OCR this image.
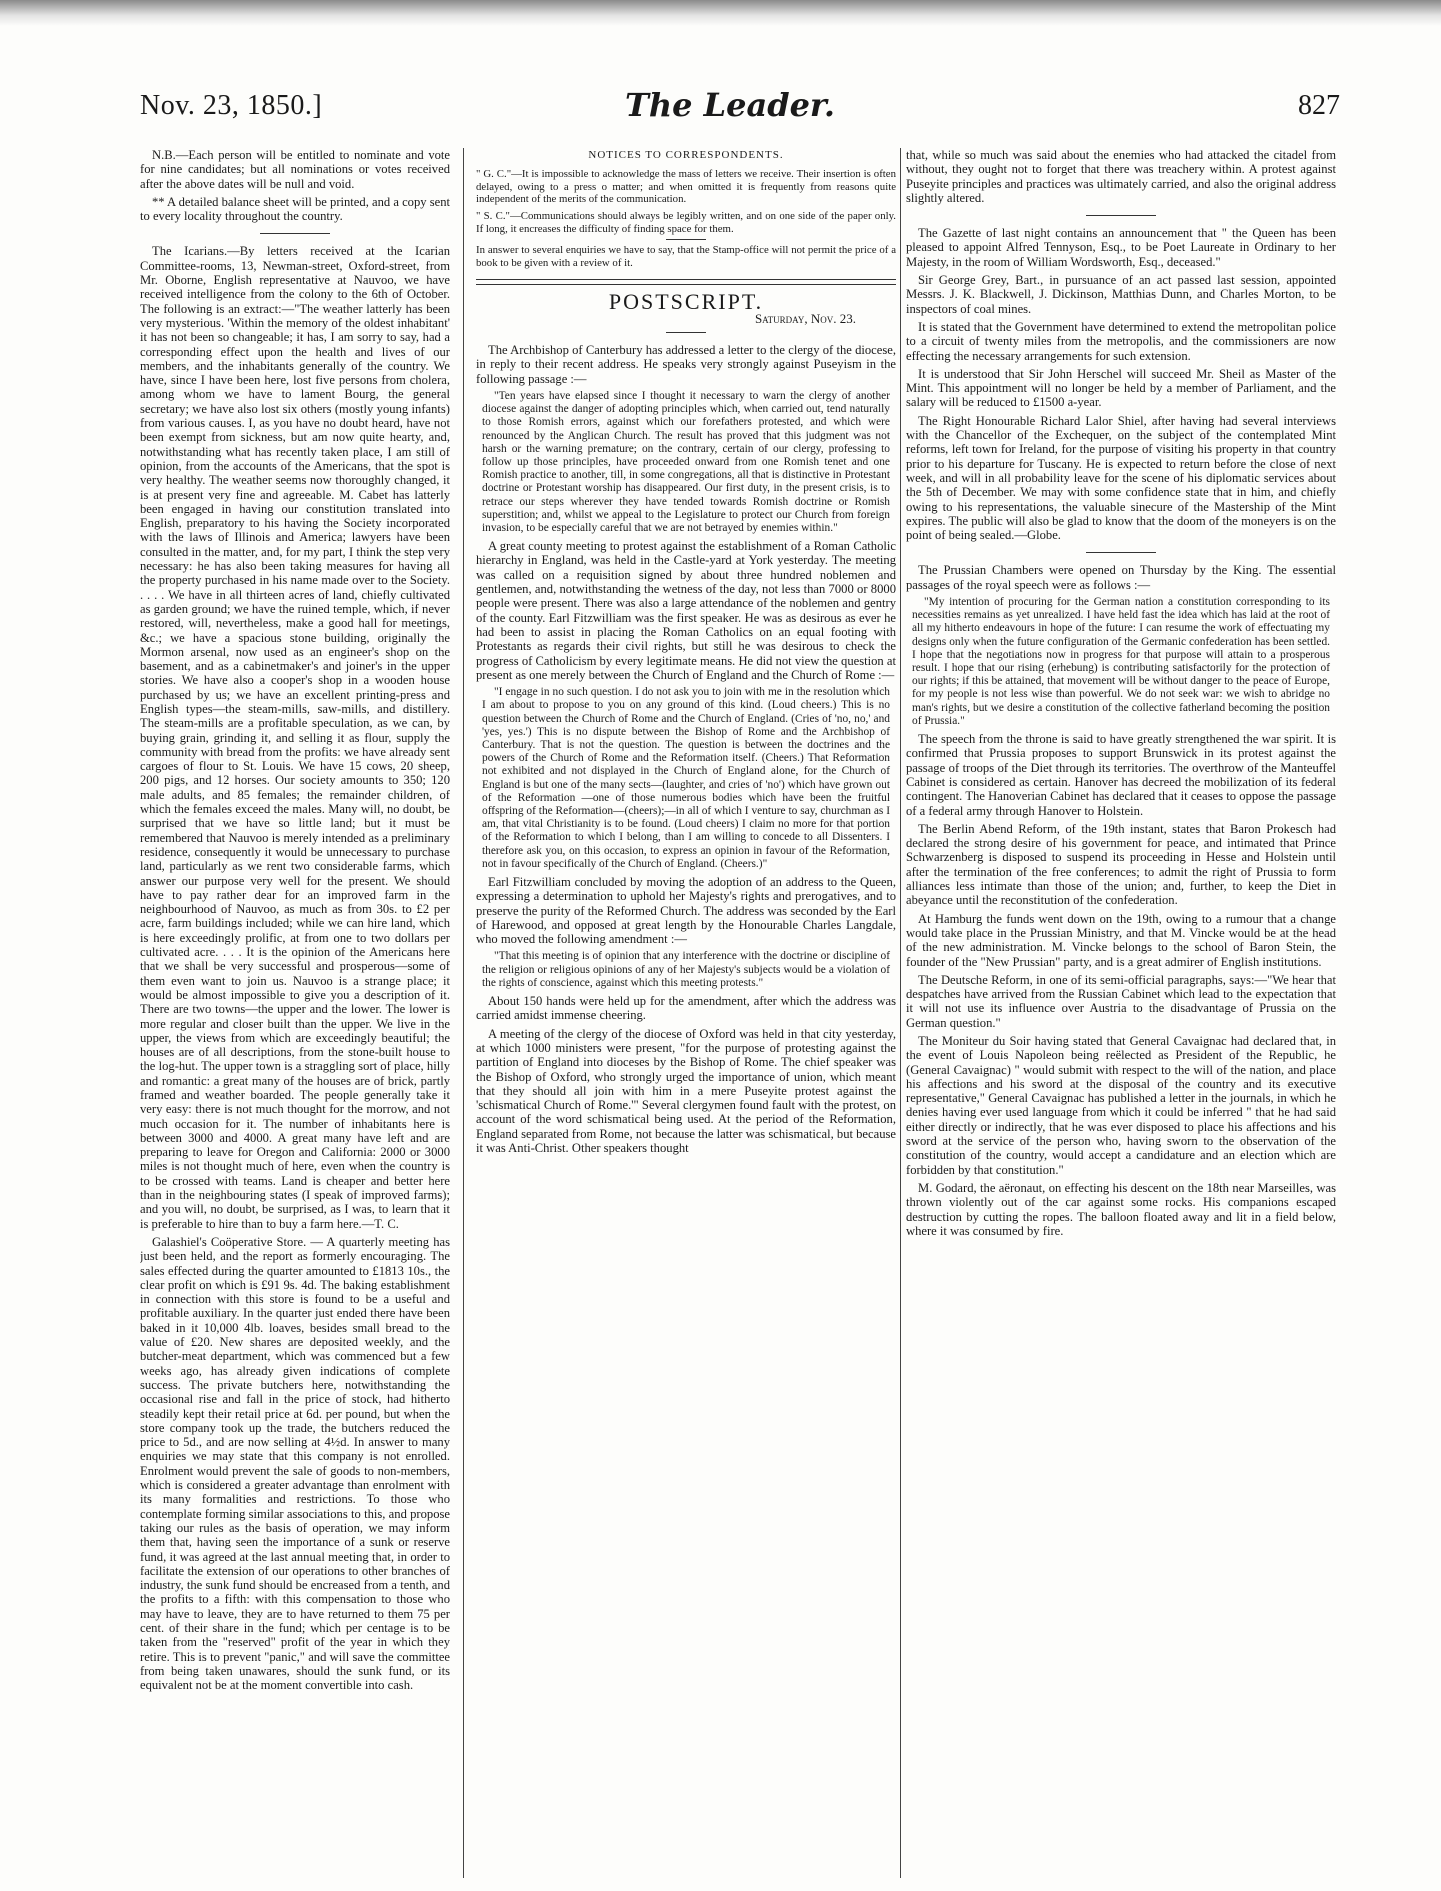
Nov. 23, 1850.]	The Leader.	827

N.B.—Each person will be entitled to nominate and vote for nine candidates; but all nominations or votes received after the above dates will be null and void.

** A detailed balance sheet will be printed, and a copy sent to every locality throughout the country.

The Icarians.—By letters received at the Icarian Committee-rooms, 13, Newman-street, Oxford-street, from Mr. Oborne, English representative at Nauvoo, we have received intelligence from the colony to the 6th of October. The following is an extract:—"The weather latterly has been very mysterious. 'Within the memory of the oldest inhabitant' it has not been so changeable; it has, I am sorry to say, had a corresponding effect upon the health and lives of our members, and the inhabitants generally of the country. We have, since I have been here, lost five persons from cholera, among whom we have to lament Bourg, the general secretary; we have also lost six others (mostly young infants) from various causes. I, as you have no doubt heard, have not been exempt from sickness, but am now quite hearty, and, notwithstanding what has recently taken place, I am still of opinion, from the accounts of the Americans, that the spot is very healthy. The weather seems now thoroughly changed, it is at present very fine and agreeable. M. Cabet has latterly been engaged in having our constitution translated into English, preparatory to his having the Society incorporated with the laws of Illinois and America; lawyers have been consulted in the matter, and, for my part, I think the step very necessary: he has also been taking measures for having all the property purchased in his name made over to the Society. . . . . We have in all thirteen acres of land, chiefly cultivated as garden ground; we have the ruined temple, which, if never restored, will, nevertheless, make a good hall for meetings, &c.; we have a spacious stone building, originally the Mormon arsenal, now used as an engineer's shop on the basement, and as a cabinetmaker's and joiner's in the upper stories. We have also a cooper's shop in a wooden house purchased by us; we have an excellent printing-press and English types—the steam-mills, saw-mills, and distillery. The steam-mills are a profitable speculation, as we can, by buying grain, grinding it, and selling it as flour, supply the community with bread from the profits: we have already sent cargoes of flour to St. Louis. We have 15 cows, 20 sheep, 200 pigs, and 12 horses. Our society amounts to 350; 120 male adults, and 85 females; the remainder children, of which the females exceed the males. Many will, no doubt, be surprised that we have so little land; but it must be remembered that Nauvoo is merely intended as a preliminary residence, consequently it would be unnecessary to purchase land, particularly as we rent two considerable farms, which answer our purpose very well for the present. We should have to pay rather dear for an improved farm in the neighbourhood of Nauvoo, as much as from 30s. to £2 per acre, farm buildings included; while we can hire land, which is here exceedingly prolific, at from one to two dollars per cultivated acre. . . . It is the opinion of the Americans here that we shall be very successful and prosperous—some of them even want to join us. Nauvoo is a strange place; it would be almost impossible to give you a description of it. There are two towns—the upper and the lower. The lower is more regular and closer built than the upper. We live in the upper, the views from which are exceedingly beautiful; the houses are of all descriptions, from the stone-built house to the log-hut. The upper town is a straggling sort of place, hilly and romantic: a great many of the houses are of brick, partly framed and weather boarded. The people generally take it very easy: there is not much thought for the morrow, and not much occasion for it. The number of inhabitants here is between 3000 and 4000. A great many have left and are preparing to leave for Oregon and California: 2000 or 3000 miles is not thought much of here, even when the country is to be crossed with teams. Land is cheaper and better here than in the neighbouring states (I speak of improved farms); and you will, no doubt, be surprised, as I was, to learn that it is preferable to hire than to buy a farm here.—T. C.

Galashiel's Coöperative Store. — A quarterly meeting has just been held, and the report as formerly encouraging. The sales effected during the quarter amounted to £1813 10s., the clear profit on which is £91 9s. 4d. The baking establishment in connection with this store is found to be a useful and profitable auxiliary. In the quarter just ended there have been baked in it 10,000 4lb. loaves, besides small bread to the value of £20. New shares are deposited weekly, and the butcher-meat department, which was commenced but a few weeks ago, has already given indications of complete success. The private butchers here, notwithstanding the occasional rise and fall in the price of stock, had hitherto steadily kept their retail price at 6d. per pound, but when the store company took up the trade, the butchers reduced the price to 5d., and are now selling at 4½d. In answer to many enquiries we may state that this company is not enrolled. Enrolment would prevent the sale of goods to non-members, which is considered a greater advantage than enrolment with its many formalities and restrictions. To those who contemplate forming similar associations to this, and propose taking our rules as the basis of operation, we may inform them that, having seen the importance of a sunk or reserve fund, it was agreed at the last annual meeting that, in order to facilitate the extension of our operations to other branches of industry, the sunk fund should be encreased from a tenth, and the profits to a fifth: with this compensation to those who may have to leave, they are to have returned to them 75 per cent. of their share in the fund; which per centage is to be taken from the "reserved" profit of the year in which they retire. This is to prevent "panic," and will save the committee from being taken unawares, should the sunk fund, or its equivalent not be at the moment convertible into cash.

NOTICES TO CORRESPONDENTS.

" G. C."—It is impossible to acknowledge the mass of letters we receive. Their insertion is often delayed, owing to a press o matter; and when omitted it is frequently from reasons quite independent of the merits of the communication.

" S. C."—Communications should always be legibly written, and on one side of the paper only. If long, it encreases the difficulty of finding space for them.

In answer to several enquiries we have to say, that the Stamp-office will not permit the price of a book to be given with a review of it.

POSTSCRIPT.
Saturday, Nov. 23.

The Archbishop of Canterbury has addressed a letter to the clergy of the diocese, in reply to their recent address. He speaks very strongly against Puseyism in the following passage :—

"Ten years have elapsed since I thought it necessary to warn the clergy of another diocese against the danger of adopting principles which, when carried out, tend naturally to those Romish errors, against which our forefathers protested, and which were renounced by the Anglican Church. The result has proved that this judgment was not harsh or the warning premature; on the contrary, certain of our clergy, professing to follow up those principles, have proceeded onward from one Romish tenet and one Romish practice to another, till, in some congregations, all that is distinctive in Protestant doctrine or Protestant worship has disappeared. Our first duty, in the present crisis, is to retrace our steps wherever they have tended towards Romish doctrine or Romish superstition; and, whilst we appeal to the Legislature to protect our Church from foreign invasion, to be especially careful that we are not betrayed by enemies within."

A great county meeting to protest against the establishment of a Roman Catholic hierarchy in England, was held in the Castle-yard at York yesterday. The meeting was called on a requisition signed by about three hundred noblemen and gentlemen, and, notwithstanding the wetness of the day, not less than 7000 or 8000 people were present. There was also a large attendance of the noblemen and gentry of the county. Earl Fitzwilliam was the first speaker. He was as desirous as ever he had been to assist in placing the Roman Catholics on an equal footing with Protestants as regards their civil rights, but still he was desirous to check the progress of Catholicism by every legitimate means. He did not view the question at present as one merely between the Church of England and the Church of Rome :—

"I engage in no such question. I do not ask you to join with me in the resolution which I am about to propose to you on any ground of this kind. (Loud cheers.) This is no question between the Church of Rome and the Church of England. (Cries of 'no, no,' and 'yes, yes.') This is no dispute between the Bishop of Rome and the Archbishop of Canterbury. That is not the question. The question is between the doctrines and the powers of the Church of Rome and the Reformation itself. (Cheers.) That Reformation not exhibited and not displayed in the Church of England alone, for the Church of England is but one of the many sects—(laughter, and cries of 'no') which have grown out of the Reformation —one of those numerous bodies which have been the fruitful offspring of the Reformation—(cheers);—in all of which I venture to say, churchman as I am, that vital Christianity is to be found. (Loud cheers) I claim no more for that portion of the Reformation to which I belong, than I am willing to concede to all Dissenters. I therefore ask you, on this occasion, to express an opinion in favour of the Reformation, not in favour specifically of the Church of England. (Cheers.)"

Earl Fitzwilliam concluded by moving the adoption of an address to the Queen, expressing a determination to uphold her Majesty's rights and prerogatives, and to preserve the purity of the Reformed Church. The address was seconded by the Earl of Harewood, and opposed at great length by the Honourable Charles Langdale, who moved the following amendment :—

"That this meeting is of opinion that any interference with the doctrine or discipline of the religion or religious opinions of any of her Majesty's subjects would be a violation of the rights of conscience, against which this meeting protests."

About 150 hands were held up for the amendment, after which the address was carried amidst immense cheering.

A meeting of the clergy of the diocese of Oxford was held in that city yesterday, at which 1000 ministers were present, "for the purpose of protesting against the partition of England into dioceses by the Bishop of Rome. The chief speaker was the Bishop of Oxford, who strongly urged the importance of union, which meant that they should all join with him in a mere Puseyite protest against the 'schismatical Church of Rome.'" Several clergymen found fault with the protest, on account of the word schismatical being used. At the period of the Reformation, England separated from Rome, not because the latter was schismatical, but because it was Anti-Christ. Other speakers thought

that, while so much was said about the enemies who had attacked the citadel from without, they ought not to forget that there was treachery within. A protest against Puseyite principles and practices was ultimately carried, and also the original address slightly altered.

The Gazette of last night contains an announcement that " the Queen has been pleased to appoint Alfred Tennyson, Esq., to be Poet Laureate in Ordinary to her Majesty, in the room of William Wordsworth, Esq., deceased."

Sir George Grey, Bart., in pursuance of an act passed last session, appointed Messrs. J. K. Blackwell, J. Dickinson, Matthias Dunn, and Charles Morton, to be inspectors of coal mines.

It is stated that the Government have determined to extend the metropolitan police to a circuit of twenty miles from the metropolis, and the commissioners are now effecting the necessary arrangements for such extension.

It is understood that Sir John Herschel will succeed Mr. Sheil as Master of the Mint. This appointment will no longer be held by a member of Parliament, and the salary will be reduced to £1500 a-year.

The Right Honourable Richard Lalor Shiel, after having had several interviews with the Chancellor of the Exchequer, on the subject of the contemplated Mint reforms, left town for Ireland, for the purpose of visiting his property in that country prior to his departure for Tuscany. He is expected to return before the close of next week, and will in all probability leave for the scene of his diplomatic services about the 5th of December. We may with some confidence state that in him, and chiefly owing to his representations, the valuable sinecure of the Mastership of the Mint expires. The public will also be glad to know that the doom of the moneyers is on the point of being sealed.—Globe.

The Prussian Chambers were opened on Thursday by the King. The essential passages of the royal speech were as follows :—

"My intention of procuring for the German nation a constitution corresponding to its necessities remains as yet unrealized. I have held fast the idea which has laid at the root of all my hitherto endeavours in hope of the future: I can resume the work of effectuating my designs only when the future configuration of the Germanic confederation has been settled. I hope that the negotiations now in progress for that purpose will attain to a prosperous result. I hope that our rising (erhebung) is contributing satisfactorily for the protection of our rights; if this be attained, that movement will be without danger to the peace of Europe, for my people is not less wise than powerful. We do not seek war: we wish to abridge no man's rights, but we desire a constitution of the collective fatherland becoming the position of Prussia."

The speech from the throne is said to have greatly strengthened the war spirit. It is confirmed that Prussia proposes to support Brunswick in its protest against the passage of troops of the Diet through its territories. The overthrow of the Manteuffel Cabinet is considered as certain. Hanover has decreed the mobilization of its federal contingent. The Hanoverian Cabinet has declared that it ceases to oppose the passage of a federal army through Hanover to Holstein.

The Berlin Abend Reform, of the 19th instant, states that Baron Prokesch had declared the strong desire of his government for peace, and intimated that Prince Schwarzenberg is disposed to suspend its proceeding in Hesse and Holstein until after the termination of the free conferences; to admit the right of Prussia to form alliances less intimate than those of the union; and, further, to keep the Diet in abeyance until the reconstitution of the confederation.

At Hamburg the funds went down on the 19th, owing to a rumour that a change would take place in the Prussian Ministry, and that M. Vincke would be at the head of the new administration. M. Vincke belongs to the school of Baron Stein, the founder of the "New Prussian" party, and is a great admirer of English institutions.

The Deutsche Reform, in one of its semi-official paragraphs, says:—"We hear that despatches have arrived from the Russian Cabinet which lead to the expectation that it will not use its influence over Austria to the disadvantage of Prussia on the German question."

The Moniteur du Soir having stated that General Cavaignac had declared that, in the event of Louis Napoleon being reëlected as President of the Republic, he (General Cavaignac) " would submit with respect to the will of the nation, and place his affections and his sword at the disposal of the country and its executive representative," General Cavaignac has published a letter in the journals, in which he denies having ever used language from which it could be inferred " that he had said either directly or indirectly, that he was ever disposed to place his affections and his sword at the service of the person who, having sworn to the observation of the constitution of the country, would accept a candidature and an election which are forbidden by that constitution."

M. Godard, the aëronaut, on effecting his descent on the 18th near Marseilles, was thrown violently out of the car against some rocks. His companions escaped destruction by cutting the ropes. The balloon floated away and lit in a field below, where it was consumed by fire.
